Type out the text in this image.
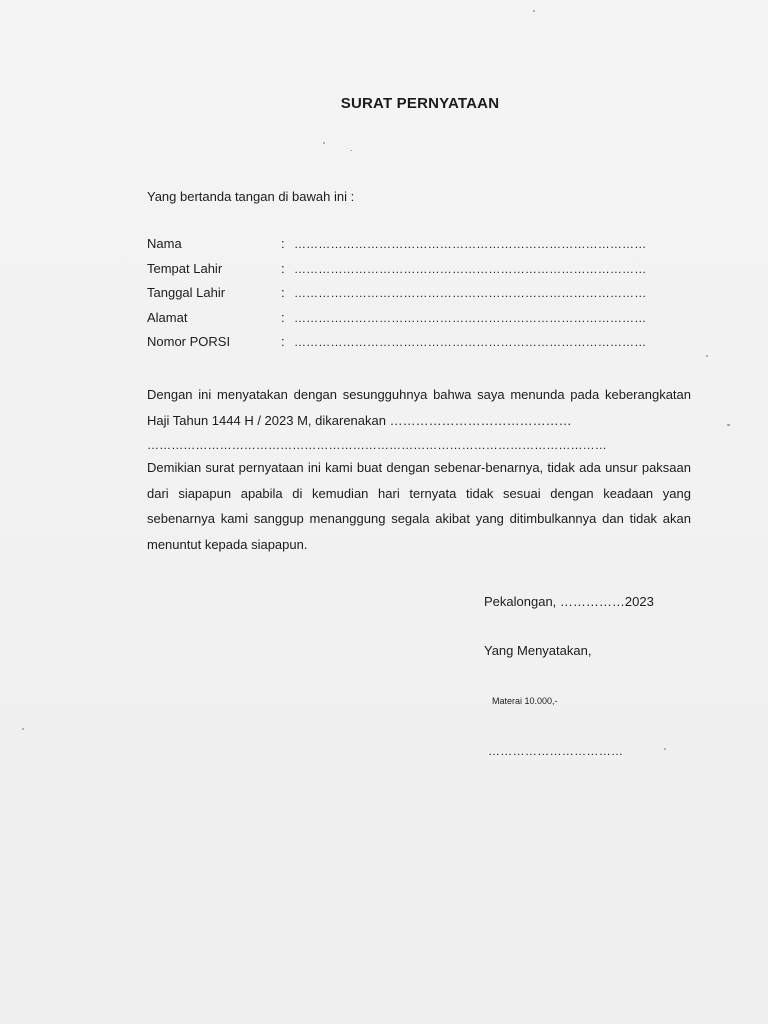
SURAT PERNYATAAN
Yang bertanda tangan di bawah ini :
Nama	: ……………………………………………………………………………
Tempat Lahir	: ……………………………………………………………………………
Tanggal Lahir	: ……………………………………………………………………………
Alamat	: ……………………………………………………………………………
Nomor PORSI	: ……………………………………………………………………………
Dengan ini menyatakan dengan sesungguhnya bahwa saya menunda pada keberangkatan Haji Tahun 1444 H / 2023 M, dikarenakan ……………………………………
……………………………………………………………………………………………………
Demikian surat pernyataan ini kami buat dengan sebenar-benarnya, tidak ada unsur paksaan dari siapapun apabila di kemudian hari ternyata tidak sesuai dengan keadaan yang sebenarnya kami sanggup menanggung segala akibat yang ditimbulkannya dan tidak akan menuntut kepada siapapun.
Pekalongan, ……………2023
Yang Menyatakan,
Materai 10.000,-
……………………………
